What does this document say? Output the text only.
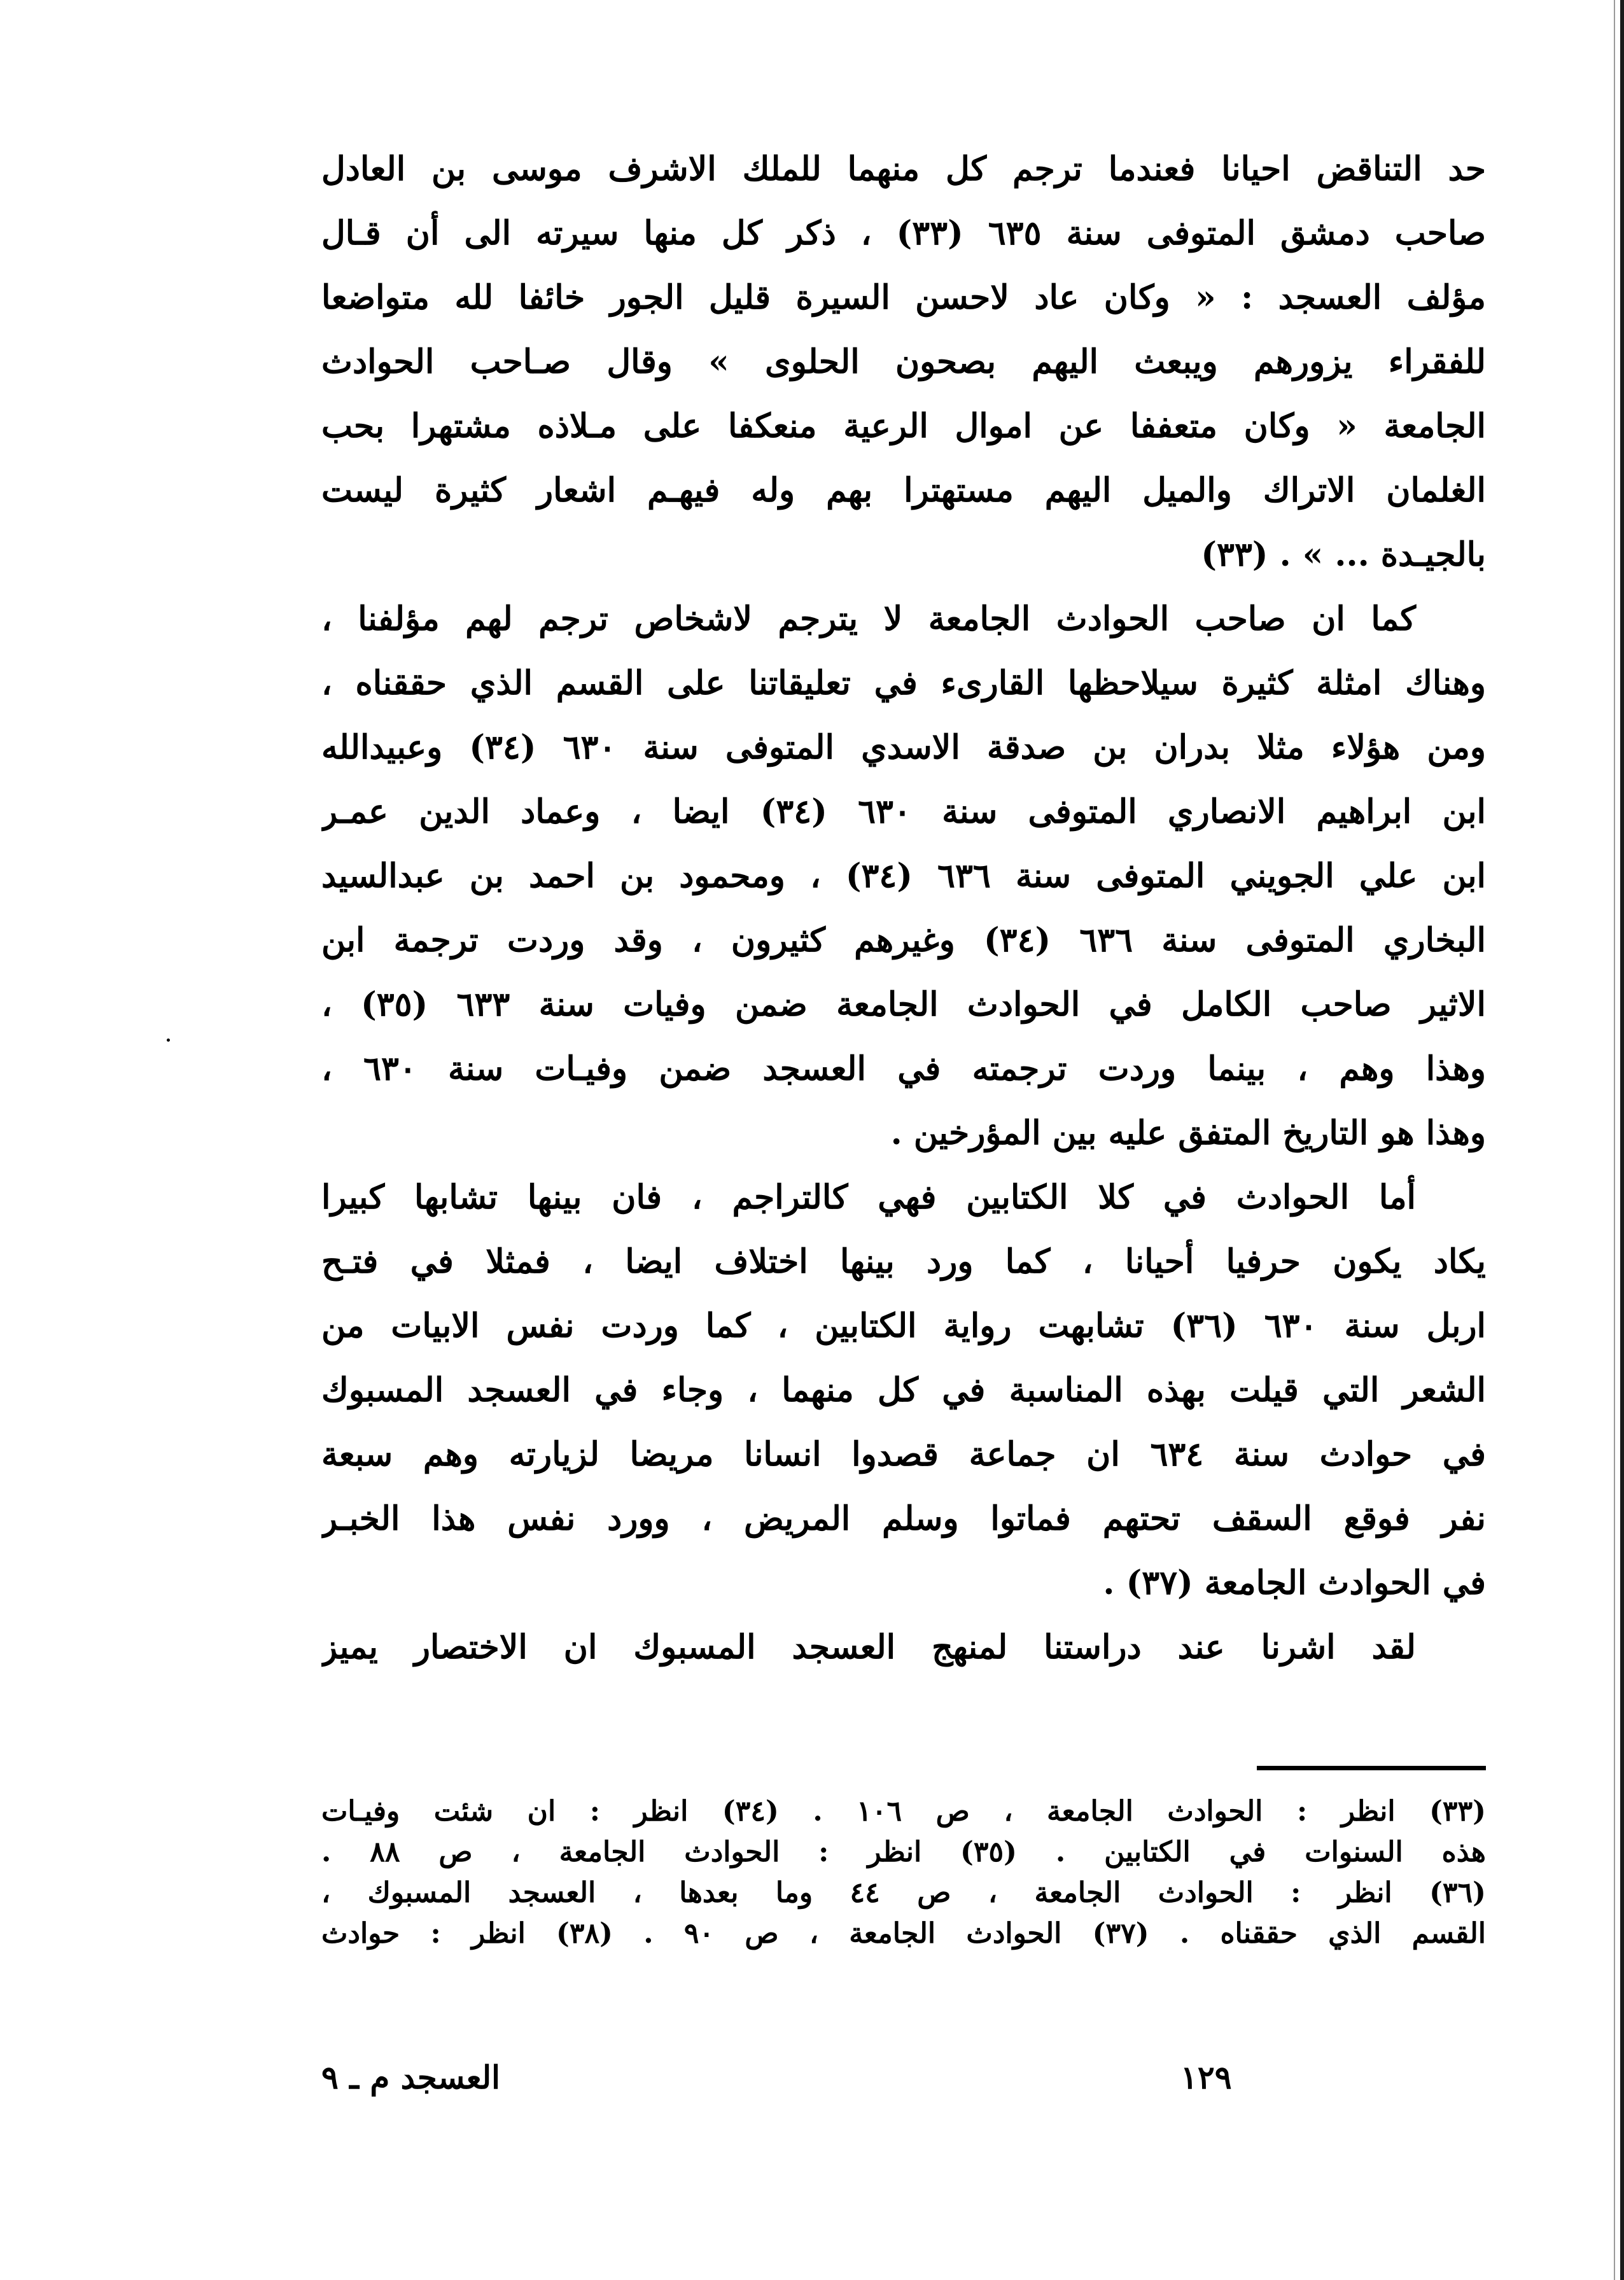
حد التناقض احيانا فعندما ترجم كل منهما للملك الاشرف موسى بن العادل
صاحب دمشق المتوفى سنة ٦٣٥ (٣٣) ، ذكر كل منها سيرته الى أن قـال
مؤلف العسجد : « وكان عاد لاحسن السيرة قليل الجور خائفا لله متواضعا
للفقراء يزورهم ويبعث اليهم بصحون الحلوى » وقال صـاحب الحوادث
الجامعة « وكان متعففا عن اموال الرعية منعكفا على مـلاذه مشتهرا بحب
الغلمان الاتراك والميل اليهم مستهترا بهم وله فيهـم اشعار كثيرة ليست
بالجيـدة ... » . (٣٣)
كما ان صاحب الحوادث الجامعة لا يترجم لاشخاص ترجم لهم مؤلفنا ،
وهناك امثلة كثيرة سيلاحظها القارىء في تعليقاتنا على القسم الذي حققناه ،
ومن هؤلاء مثلا بدران بن صدقة الاسدي المتوفى سنة ٦٣٠ (٣٤) وعبيدالله
ابن ابراهيم الانصاري المتوفى سنة ٦٣٠ (٣٤) ايضا ، وعماد الدين عمـر
ابن علي الجويني المتوفى سنة ٦٣٦ (٣٤) ، ومحمود بن احمد بن عبدالسيد
البخاري المتوفى سنة ٦٣٦ (٣٤) وغيرهم كثيرون ، وقد وردت ترجمة ابن
الاثير صاحب الكامل في الحوادث الجامعة ضمن وفيات سنة ٦٣٣ (٣٥) ،
وهذا وهم ، بينما وردت ترجمته في العسجد ضمن وفيـات سنة ٦٣٠ ،
وهذا هو التاريخ المتفق عليه بين المؤرخين .
أما الحوادث في كلا الكتابين فهي كالتراجم ، فان بينها تشابها كبيرا
يكاد يكون حرفيا أحيانا ، كما ورد بينها اختلاف ايضا ، فمثلا في فتـح
اربل سنة ٦٣٠ (٣٦) تشابهت رواية الكتابين ، كما وردت نفس الابيات من
الشعر التي قيلت بهذه المناسبة في كل منهما ، وجاء في العسجد المسبوك
في حوادث سنة ٦٣٤ ان جماعة قصدوا انسانا مريضا لزيارته وهم سبعة
نفر فوقع السقف تحتهم فماتوا وسلم المريض ، وورد نفس هذا الخبـر
في الحوادث الجامعة (٣٧) .
لقد اشرنا عند دراستنا لمنهج العسجد المسبوك ان الاختصار يميز
(٣٣) انظر : الحوادث الجامعة ، ص ١٠٦ . (٣٤) انظر : ان شئت وفيـات
هذه السنوات في الكتابين . (٣٥) انظر : الحوادث الجامعة ، ص ٨٨ .
(٣٦) انظر : الحوادث الجامعة ، ص ٤٤ وما بعدها ، العسجد المسبوك ،
القسم الذي حققناه . (٣٧) الحوادث الجامعة ، ص ٩٠ . (٣٨) انظر : حوادث
١٢٩
العسجد م ـ ٩
